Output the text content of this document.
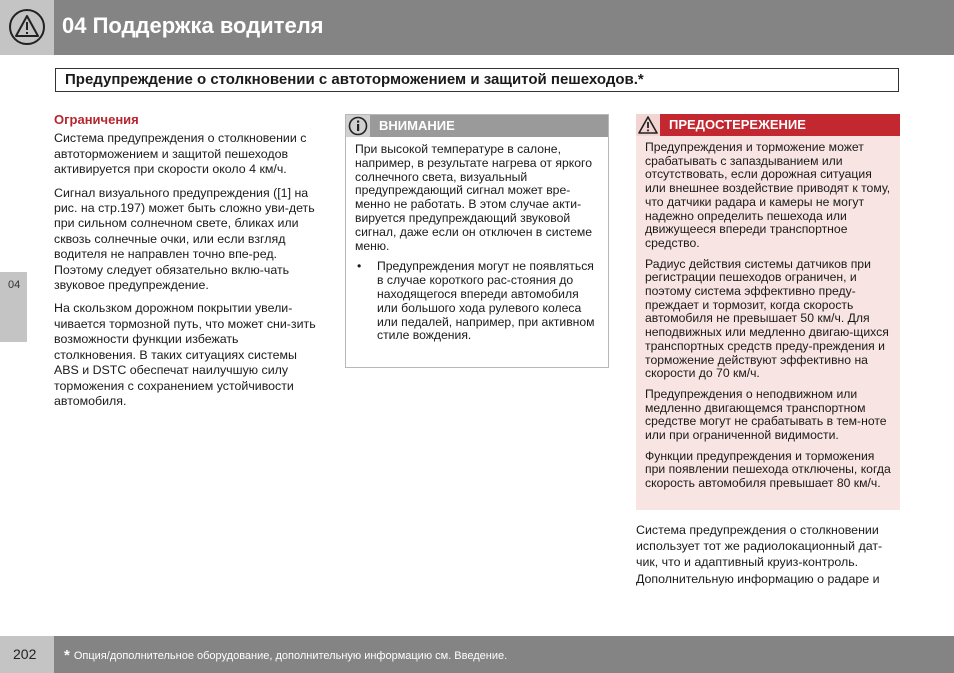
04 Поддержка водителя
Предупреждение о столкновении с автоторможением и защитой пешеходов.*
04
Ограничения

Система предупреждения о столкновении с автоторможением и защитой пешеходов активируется при скорости около 4 км/ч.

Сигнал визуального предупреждения ([1] на рис. на стр.197) может быть сложно уви-деть при сильном солнечном свете, бликах или сквозь солнечные очки, или если взгляд водителя не направлен точно впе-ред. Поэтому следует обязательно вклю-чать звуковое предупреждение.

На скользком дорожном покрытии увели-чивается тормозной путь, что может сни-зить возможности функции избежать столкновения. В таких ситуациях системы ABS и DSTC обеспечат наилучшую силу торможения с сохранением устойчивости автомобиля.

ВНИМАНИЕ

При высокой температуре в салоне, например, в результате нагрева от яркого солнечного света, визуальный предупреждающий сигнал может вре-менно не работать. В этом случае акти-вируется предупреждающий звуковой сигнал, даже если он отключен в системе меню.

• Предупреждения могут не появляться в случае короткого рас-стояния до находящегося впереди автомобиля или большого хода рулевого колеса или педалей, например, при активном стиле вождения.

ПРЕДОСТЕРЕЖЕНИЕ

Предупреждения и торможение может срабатывать с запаздыванием или отсутствовать, если дорожная ситуация или внешнее воздействие приводят к тому, что датчики радара и камеры не могут надежно определить пешехода или движущееся впереди транспортное средство.

Радиус действия системы датчиков при регистрации пешеходов ограничен, и поэтому система эффективно преду-преждает и тормозит, когда скорость автомобиля не превышает 50 км/ч. Для неподвижных или медленно двигаю-щихся транспортных средств преду-преждения и торможение действуют эффективно на скорости до 70 км/ч.

Предупреждения о неподвижном или медленно двигающемся транспортном средстве могут не срабатывать в тем-ноте или при ограниченной видимости.

Функции предупреждения и торможения при появлении пешехода отключены, когда скорость автомобиля превышает 80 км/ч.

Система предупреждения о столкновении использует тот же радиолокационный дат-чик, что и адаптивный круиз-контроль. Дополнительную информацию о радаре и
202 * Опция/дополнительное оборудование, дополнительную информацию см. Введение.
